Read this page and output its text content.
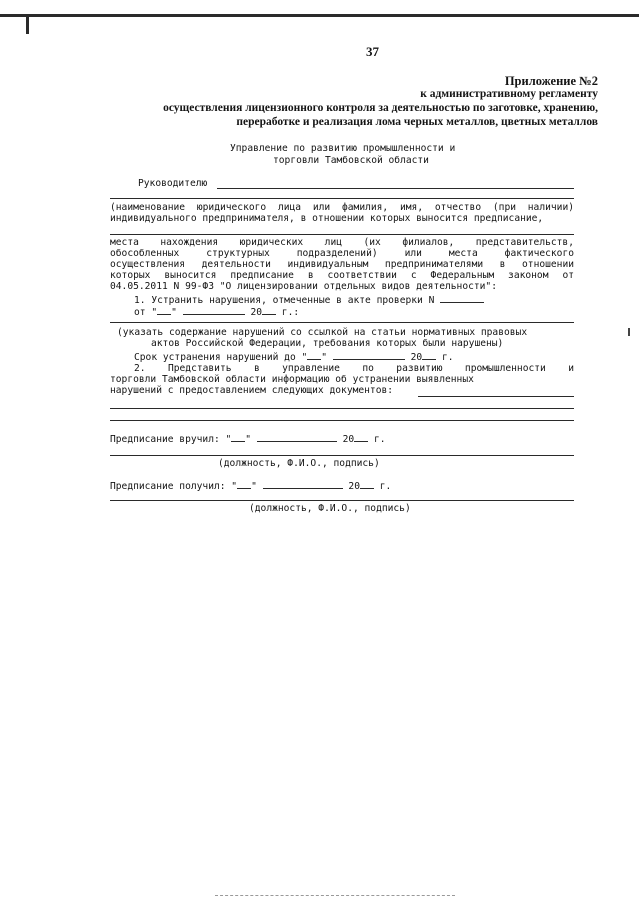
37
Приложение №2
к административному регламенту
осуществления лицензионного контроля за деятельностью по заготовке, хранению,
переработке и реализация лома черных металлов, цветных металлов
Управление по развитию промышленности и
торговли Тамбовской области
Руководителю
(наименование юридического лица или фамилия, имя, отчество (при наличии)
индивидуального предпринимателя, в отношении которых выносится предписание,
места нахождения юридических лиц (их филиалов, представительств,
обособленных структурных подразделений) или места фактического
осуществления деятельности индивидуальным предпринимателями в отношении
которых выносится предписание в соответствии с Федеральным законом от
04.05.2011 N 99-ФЗ "О лицензировании отдельных видов деятельности":
1. Устранить нарушения, отмеченные в акте проверки N
от " "	20 г.:
(указать содержание нарушений со ссылкой на статьи нормативных правовых
актов Российской Федерации, требования которых были нарушены)
Срок устранения нарушений до " "	20 г.
2. Представить в управление по развитию промышленности и
торговли Тамбовской области информацию об устранении выявленных
нарушений с предоставлением следующих документов:
Предписание вручил: " "	20 г.
(должность, Ф.И.О., подпись)
Предписание получил: " "	20 г.
(должность, Ф.И.О., подпись)
